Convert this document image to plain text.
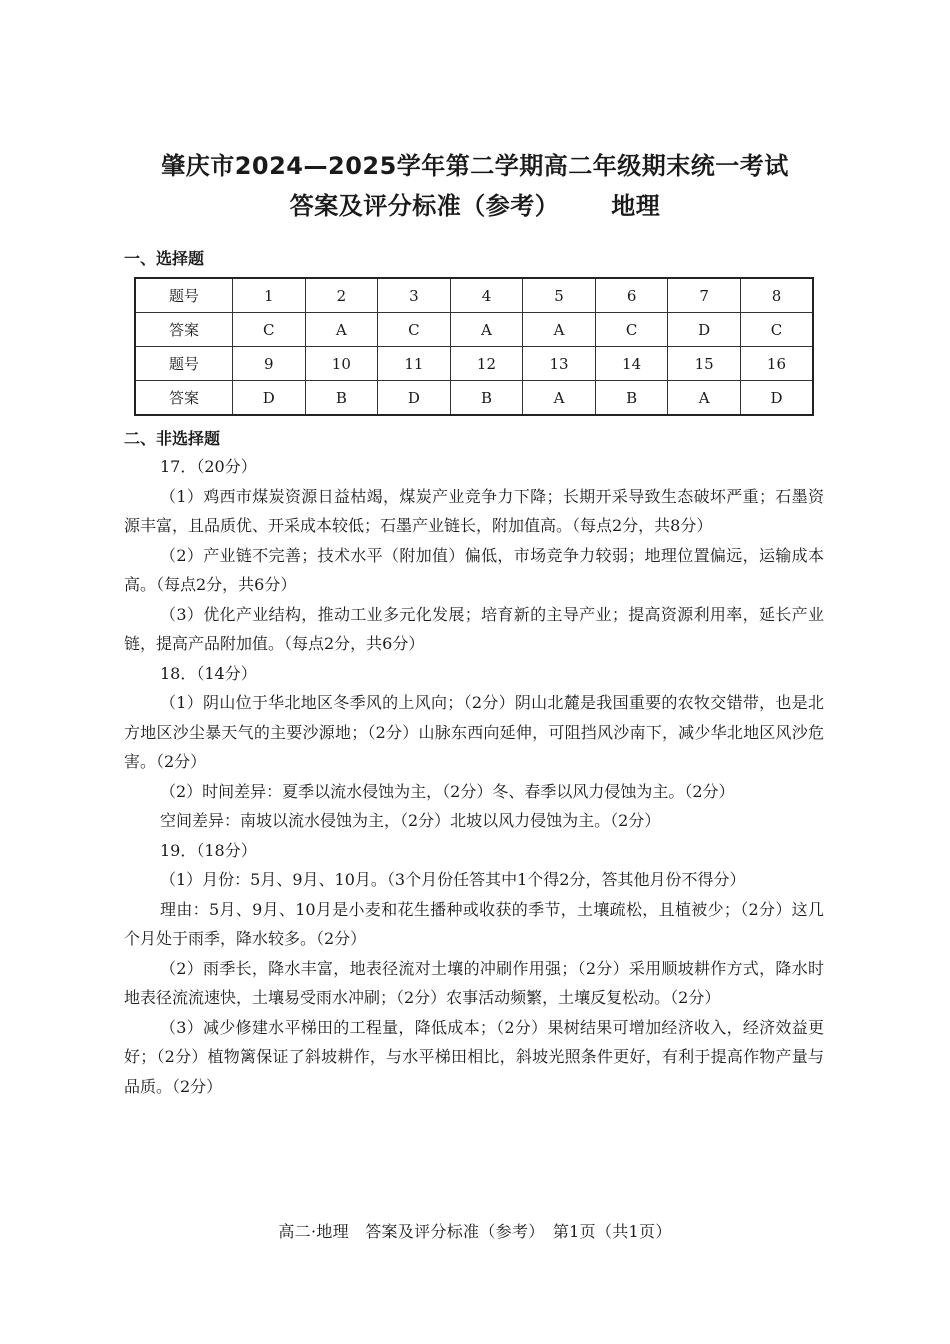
肇庆市2024—2025学年第二学期高二年级期末统一考试
答案及评分标准（参考） 地理
一、选择题
题号	1	2	3	4	5	6	7	8
答案	C	A	C	A	A	C	D	C
题号	9	10	11	12	13	14	15	16
答案	D	B	D	B	A	B	A	D
二、非选择题

17．（20分）

（1）鸡西市煤炭资源日益枯竭，煤炭产业竞争力下降；长期开采导致生态破坏严重；石墨资源丰富，且品质优、开采成本较低；石墨产业链长，附加值高。（每点2分，共8分）

（2）产业链不完善；技术水平（附加值）偏低，市场竞争力较弱；地理位置偏远，运输成本高。（每点2分，共6分）

（3）优化产业结构，推动工业多元化发展；培育新的主导产业；提高资源利用率，延长产业链，提高产品附加值。（每点2分，共6分）

18．（14分）

（1）阴山位于华北地区冬季风的上风向；（2分）阴山北麓是我国重要的农牧交错带，也是北方地区沙尘暴天气的主要沙源地；（2分）山脉东西向延伸，可阻挡风沙南下，减少华北地区风沙危害。（2分）

（2）时间差异：夏季以流水侵蚀为主，（2分）冬、春季以风力侵蚀为主。（2分）

空间差异：南坡以流水侵蚀为主，（2分）北坡以风力侵蚀为主。（2分）

19．（18分）

（1）月份：5月、9月、10月。（3个月份任答其中1个得2分，答其他月份不得分）

理由：5月、9月、10月是小麦和花生播种或收获的季节，土壤疏松，且植被少；（2分）这几个月处于雨季，降水较多。（2分）

（2）雨季长，降水丰富，地表径流对土壤的冲刷作用强；（2分）采用顺坡耕作方式，降水时地表径流流速快，土壤易受雨水冲刷；（2分）农事活动频繁，土壤反复松动。（2分）

（3）减少修建水平梯田的工程量，降低成本；（2分）果树结果可增加经济收入，经济效益更好；（2分）植物篱保证了斜坡耕作，与水平梯田相比，斜坡光照条件更好，有利于提高作物产量与品质。（2分）

高二·地理　答案及评分标准（参考）　第1页（共1页）
